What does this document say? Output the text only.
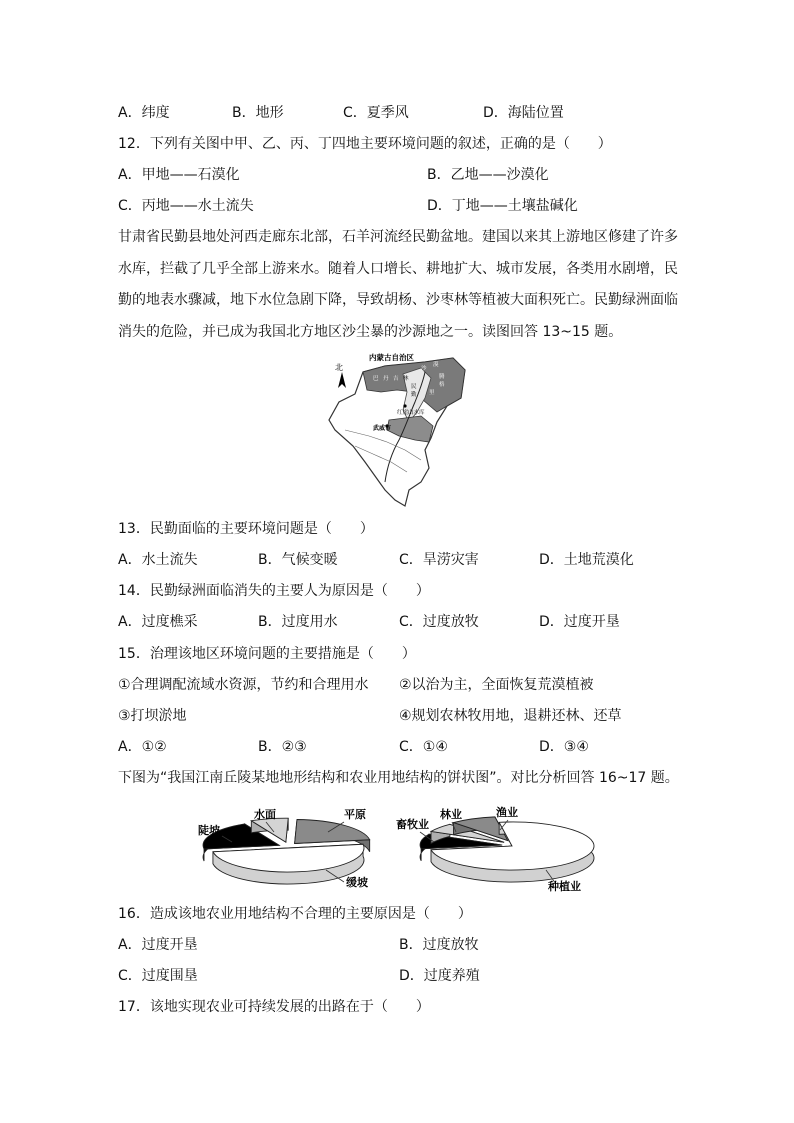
A．纬度	B．地形	C．夏季风	D．海陆位置
12．下列有关图中甲、乙、丙、丁四地主要环境问题的叙述，正确的是（　　）
A．甲地——石漠化	B．乙地——沙漠化
C．丙地——水土流失	D．丁地——土壤盐碱化
甘肃省民勤县地处河西走廊东北部，石羊河流经民勤盆地。建国以来其上游地区修建了许多
水库，拦截了几乎全部上游来水。随着人口增长、耕地扩大、城市发展，各类用水剧增，民
勤的地表水骤减，地下水位急剧下降，导致胡杨、沙枣林等植被大面积死亡。民勤绿洲面临
消失的危险，并已成为我国北方地区沙尘暴的沙源地之一。读图回答 13~15 题。
北
内蒙古自治区
巴 丹 吉 林
沙
漠
民
勤
腾
格
里
红崖山水库
武威市
13．民勤面临的主要环境问题是（　　）
A．水土流失	B．气候变暖	C．旱涝灾害	D．土地荒漠化
14．民勤绿洲面临消失的主要人为原因是（　　）
A．过度樵采	B．过度用水	C．过度放牧	D．过度开垦
15．治理该地区环境问题的主要措施是（　　）
①合理调配流域水资源，节约和合理用水 ②以治为主，全面恢复荒漠植被
③打坝淤地	④规划农林牧用地，退耕还林、还草
A．①②	B．②③	C．①④	D．③④
下图为“我国江南丘陵某地地形结构和农业用地结构的饼状图”。对比分析回答 16~17 题。
陡坡
水面	平原
缓坡
畜牧业
林业	渔业
种植业
16．造成该地农业用地结构不合理的主要原因是（　　）
A．过度开垦	B．过度放牧
C．过度围垦	D．过度养殖
17．该地实现农业可持续发展的出路在于（　　）
